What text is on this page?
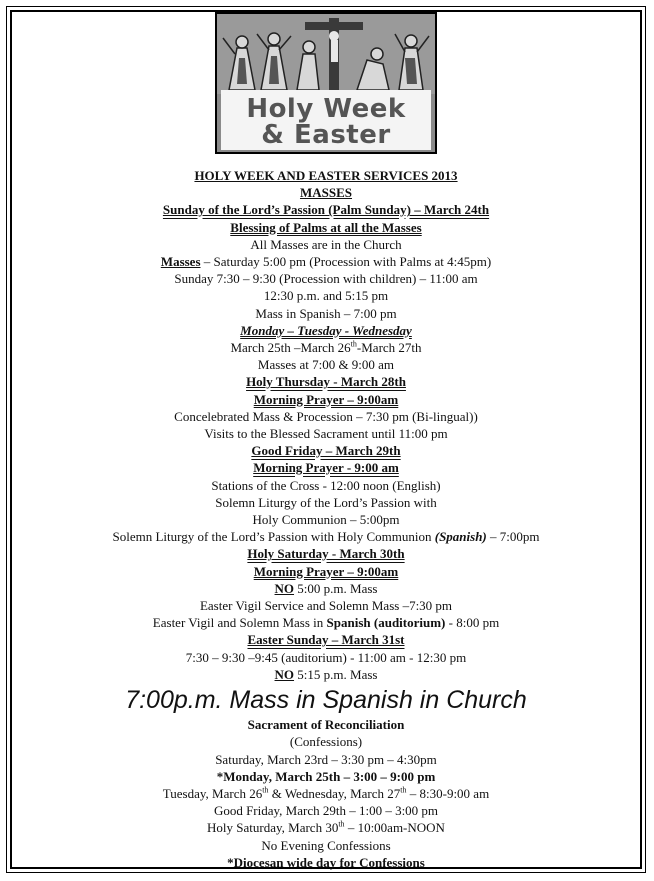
Holy Week
& Easter
HOLY WEEK AND EASTER SERVICES 2013
MASSES
Sunday of the Lord’s Passion (Palm Sunday) – March 24th
Blessing of Palms at all the Masses
All Masses are in the Church
Masses – Saturday 5:00 pm (Procession with Palms at 4:45pm)
Sunday 7:30 – 9:30 (Procession with children) – 11:00 am
12:30 p.m. and 5:15 pm
Mass in Spanish – 7:00 pm
Monday – Tuesday - Wednesday
March 25th –March 26th-March 27th
Masses at 7:00 & 9:00 am
Holy Thursday - March 28th
Morning Prayer – 9:00am
Concelebrated Mass & Procession – 7:30 pm (Bi-lingual))
Visits to the Blessed Sacrament until 11:00 pm
Good Friday – March 29th
Morning Prayer - 9:00 am
Stations of the Cross - 12:00 noon (English)
Solemn Liturgy of the Lord’s Passion with
Holy Communion – 5:00pm
Solemn Liturgy of the Lord’s Passion with Holy Communion (Spanish) – 7:00pm
Holy Saturday - March 30th
Morning Prayer – 9:00am
NO 5:00 p.m. Mass
Easter Vigil Service and Solemn Mass –7:30 pm
Easter Vigil and Solemn Mass in Spanish (auditorium) - 8:00 pm
Easter Sunday – March 31st
7:30 – 9:30 –9:45 (auditorium) - 11:00 am - 12:30 pm
NO 5:15 p.m. Mass
7:00p.m. Mass in Spanish in Church
Sacrament of Reconciliation
(Confessions)
Saturday, March 23rd – 3:30 pm – 4:30pm
*Monday, March 25th – 3:00 – 9:00 pm
Tuesday, March 26th & Wednesday, March 27th – 8:30-9:00 am
Good Friday, March 29th – 1:00 – 3:00 pm
Holy Saturday, March 30th – 10:00am-NOON
No Evening Confessions
*Diocesan wide day for Confessions
